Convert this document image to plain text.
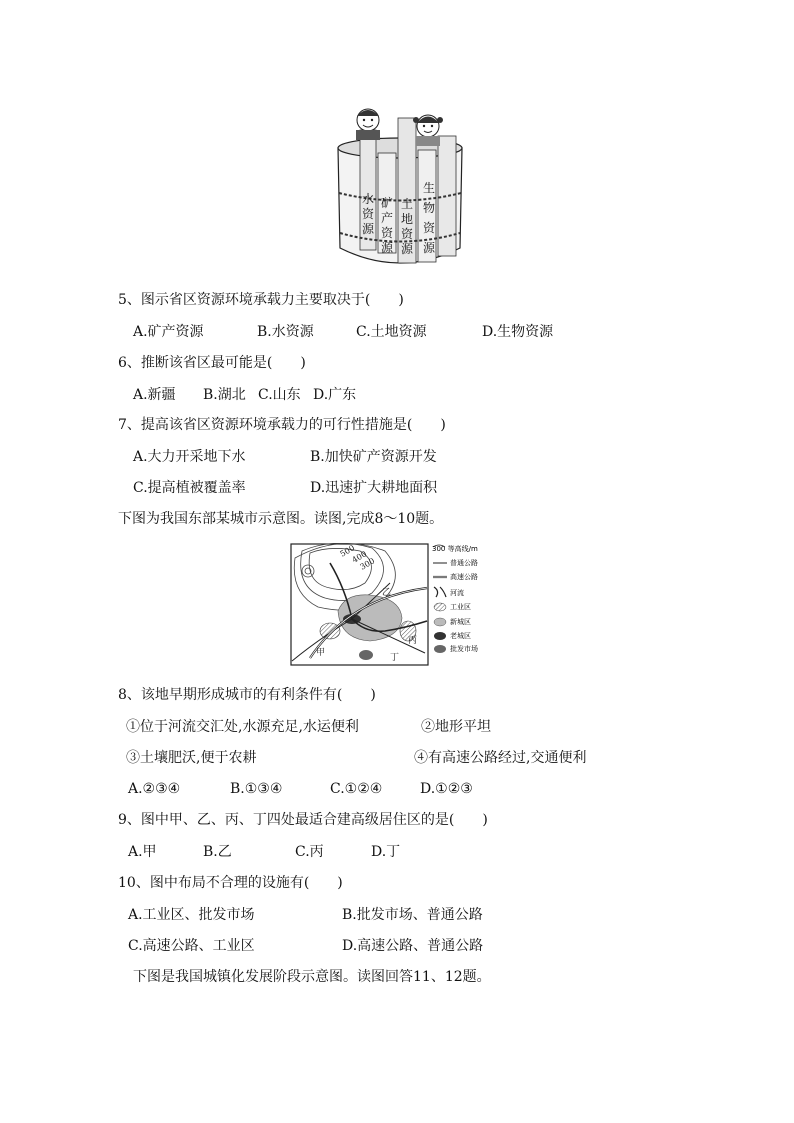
水资源
矿产资源
土地资源
生物资源
5、图示省区资源环境承载力主要取决于(　　)
A.矿产资源	B.水资源	C.土地资源	D.生物资源
6、推断该省区最可能是(　　)
A.新疆 B.湖北 C.山东 D.广东
7、提高该省区资源环境承载力的可行性措施是(　　)
A.大力开采地下水	B.加快矿产资源开发
C.提高植被覆盖率	D.迅速扩大耕地面积
下图为我国东部某城市示意图。读图,完成8～10题。
500
400
300
乙
丙
甲	丁
300 等高线/m
普通公路
高速公路
河流
工业区
新城区
老城区
批发市场
8、该地早期形成城市的有利条件有(　　)
①位于河流交汇处,水源充足,水运便利	②地形平坦
③土壤肥沃,便于农耕	④有高速公路经过,交通便利
A.②③④	B.①③④	C.①②④	D.①②③
9、图中甲、乙、丙、丁四处最适合建高级居住区的是(　　)
A.甲	B.乙	C.丙	D.丁
10、图中布局不合理的设施有(　　)
A.工业区、批发市场	B.批发市场、普通公路
C.高速公路、工业区	D.高速公路、普通公路
下图是我国城镇化发展阶段示意图。读图回答11、12题。
